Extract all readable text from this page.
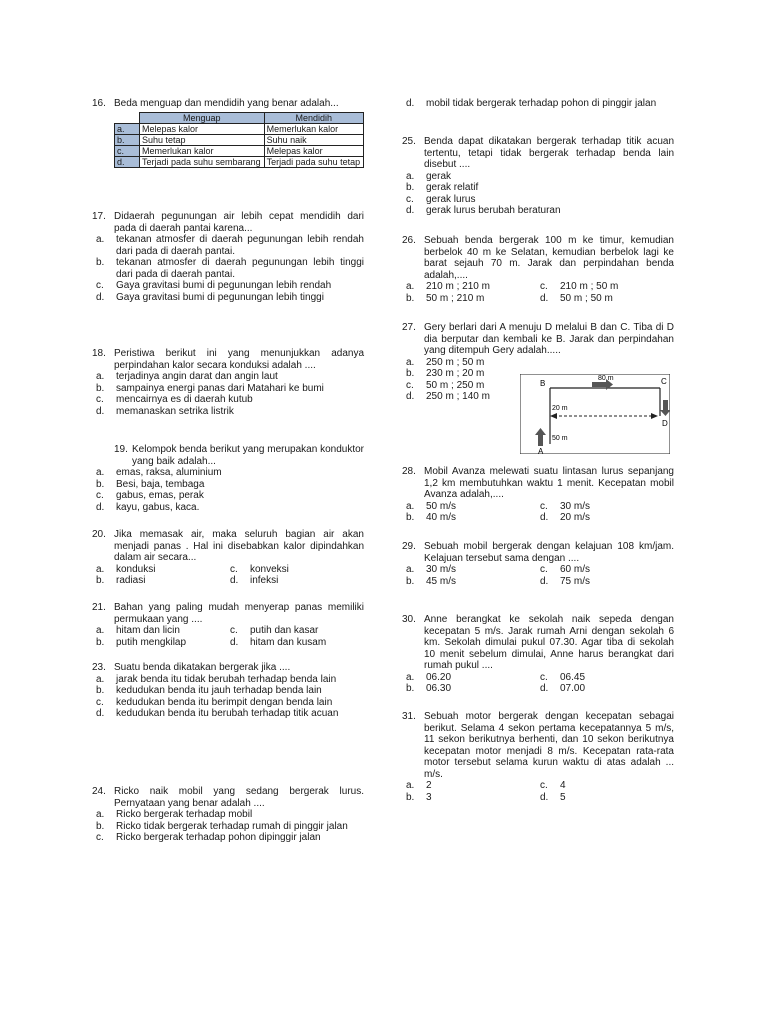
16. Beda menguap dan mendidih yang benar adalah...
	Menguap	Mendidih
a.	Melepas kalor	Memerlukan kalor
b.	Suhu tetap	Suhu naik
c.	Memerlukan kalor	Melepas kalor
d.	Terjadi pada suhu sembarang	Terjadi pada suhu tetap
17. Didaerah pegunungan air lebih cepat mendidih dari pada di daerah pantai karena...
a.	tekanan atmosfer di daerah pegunungan lebih rendah dari pada di daerah pantai.
b.	tekanan atmosfer di daerah pegunungan lebih tinggi dari pada di daerah pantai.
c.	Gaya gravitasi bumi di pegunungan lebih rendah
d.	Gaya gravitasi bumi di pegunungan lebih tinggi
18. Peristiwa berikut ini yang menunjukkan adanya perpindahan kalor secara konduksi adalah ....
a.	terjadinya angin darat dan angin laut
b.	sampainya energi panas dari Matahari ke bumi
c.	mencairnya es di daerah kutub
d.	memanaskan setrika listrik
19. Kelompok benda berikut yang merupakan konduktor yang baik adalah...
a.	emas, raksa, aluminium
b.	Besi, baja, tembaga
c.	gabus, emas, perak
d.	kayu, gabus, kaca.
20. Jika memasak air, maka seluruh bagian air akan menjadi panas . Hal ini disebabkan kalor dipindahkan dalam air secara...
a.	konduksi	c.	konveksi
b.	radiasi	d.	infeksi
21. Bahan yang paling mudah menyerap panas memiliki permukaan yang ....
a.	hitam dan licin	c.	putih dan kasar
b.	putih mengkilap	d.	hitam dan kusam
23. Suatu benda dikatakan bergerak jika ....
a.	jarak benda itu tidak berubah terhadap benda lain
b.	kedudukan benda itu jauh terhadap benda lain
c.	kedudukan benda itu berimpit dengan benda lain
d.	kedudukan benda itu berubah terhadap titik acuan
24. Ricko naik mobil yang sedang bergerak lurus. Pernyataan yang benar adalah ....
a.	Ricko bergerak terhadap mobil
b.	Ricko tidak bergerak terhadap rumah di pinggir jalan
c.	Ricko bergerak terhadap pohon dipinggir jalan
d.	mobil tidak bergerak terhadap pohon di pinggir jalan
25. Benda dapat dikatakan bergerak terhadap titik acuan tertentu, tetapi tidak bergerak terhadap benda lain disebut ....
a.	gerak
b.	gerak relatif
c.	gerak lurus
d.	gerak lurus berubah beraturan
26. Sebuah benda bergerak 100 m ke timur, kemudian berbelok 40 m ke Selatan, kemudian berbelok lagi ke barat sejauh 70 m. Jarak dan perpindahan benda adalah,....
a.	210 m ; 210 m	c.	210 m ; 50 m
b.	50 m ; 210 m	d.	50 m ; 50 m
27. Gery berlari dari A menuju D melalui B dan C. Tiba di D dia berputar dan kembali ke B. Jarak dan perpindahan yang ditempuh Gery adalah.....
a.	250 m ; 50 m
b.	230 m ; 20 m
c.	50 m ; 250 m
d.	250 m ; 140 m
80 m
20 m
50 m
B	C
D
A
28. Mobil Avanza melewati suatu lintasan lurus sepanjang 1,2 km membutuhkan waktu 1 menit. Kecepatan mobil Avanza adalah,....
a.	50 m/s	c.	30 m/s
b.	40 m/s	d.	20 m/s
29. Sebuah mobil bergerak dengan kelajuan 108 km/jam. Kelajuan tersebut sama dengan ....
a.	30 m/s	c.	60 m/s
b.	45 m/s	d.	75 m/s
30. Anne berangkat ke sekolah naik sepeda dengan kecepatan 5 m/s. Jarak rumah Arni dengan sekolah 6 km. Sekolah dimulai pukul 07.30. Agar tiba di sekolah 10 menit sebelum dimulai, Anne harus berangkat dari rumah pukul ....
a.	06.20	c.	06.45
b.	06.30	d.	07.00
31. Sebuah motor bergerak dengan kecepatan sebagai berikut. Selama 4 sekon pertama kecepatannya 5 m/s, 11 sekon berikutnya berhenti, dan 10 sekon berikutnya kecepatan motor menjadi 8 m/s. Kecepatan rata-rata motor tersebut selama kurun waktu di atas adalah ... m/s.
a.	2	c.	4
b.	3	d.	5
